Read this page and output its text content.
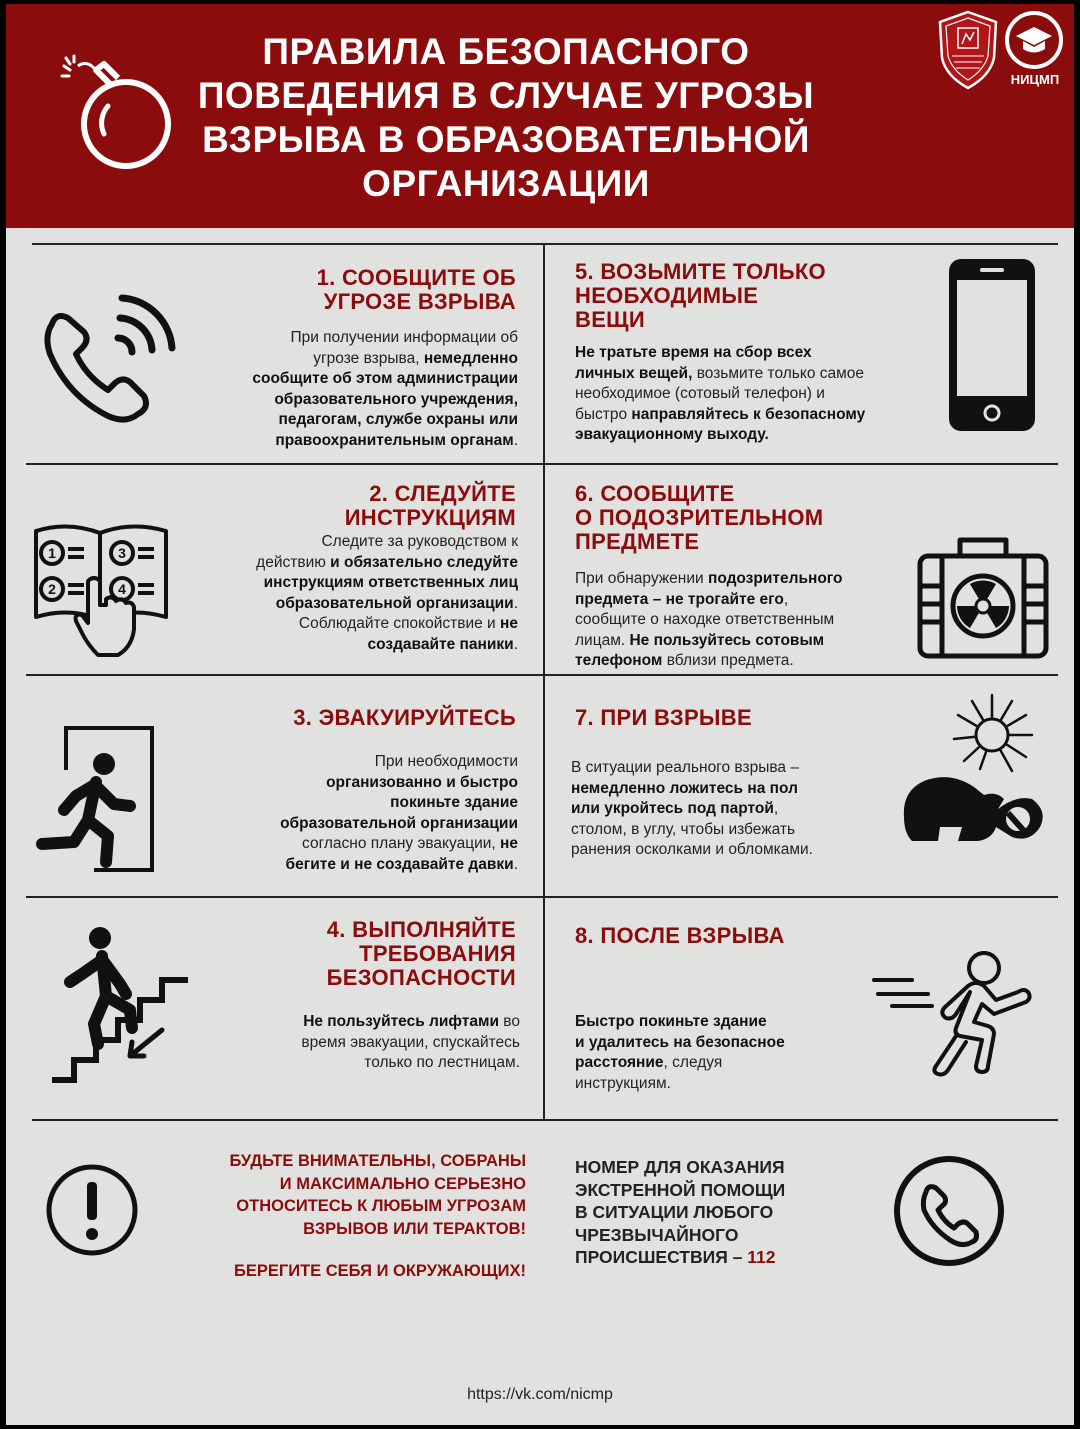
ПРАВИЛА БЕЗОПАСНОГО
ПОВЕДЕНИЯ В СЛУЧАЕ УГРОЗЫ
ВЗРЫВА В ОБРАЗОВАТЕЛЬНОЙ
ОРГАНИЗАЦИИ
НИЦМП
1. СООБЩИТЕ ОБ
УГРОЗЕ ВЗРЫВА
При получении информации об
угрозе взрыва, немедленно
сообщите об этом администрации
образовательного учреждения,
педагогам, службе охраны или
правоохранительным органам.
5. ВОЗЬМИТЕ ТОЛЬКО
НЕОБХОДИМЫЕ
ВЕЩИ
Не тратьте время на сбор всех
личных вещей, возьмите только самое
необходимое (сотовый телефон) и
быстро направляйтесь к безопасному
эвакуационному выходу.
1	3
2	4
2. СЛЕДУЙТЕ
ИНСТРУКЦИЯМ
Следите за руководством к
действию и обязательно следуйте
инструкциям ответственных лиц
образовательной организации.
Соблюдайте спокойствие и не
создавайте паники.
6. СООБЩИТЕ
О ПОДОЗРИТЕЛЬНОМ
ПРЕДМЕТЕ
При обнаружении подозрительного
предмета – не трогайте его,
сообщите о находке ответственным
лицам. Не пользуйтесь сотовым
телефоном вблизи предмета.
3. ЭВАКУИРУЙТЕСЬ
При необходимости
организованно и быстро
покиньте здание
образовательной организации
согласно плану эвакуации, не
бегите и не создавайте давки.
7. ПРИ ВЗРЫВЕ
В ситуации реального взрыва –
немедленно ложитесь на пол
или укройтесь под партой,
столом, в углу, чтобы избежать
ранения осколками и обломками.
4. ВЫПОЛНЯЙТЕ
ТРЕБОВАНИЯ
БЕЗОПАСНОСТИ
Не пользуйтесь лифтами во
время эвакуации, спускайтесь
только по лестницам.
8. ПОСЛЕ ВЗРЫВА
Быстро покиньте здание
и удалитесь на безопасное
расстояние, следуя
инструкциям.
БУДЬТЕ ВНИМАТЕЛЬНЫ, СОБРАНЫ
И МАКСИМАЛЬНО СЕРЬЕЗНО
ОТНОСИТЕСЬ К ЛЮБЫМ УГРОЗАМ
ВЗРЫВОВ ИЛИ ТЕРАКТОВ!
БЕРЕГИТЕ СЕБЯ И ОКРУЖАЮЩИХ!
НОМЕР ДЛЯ ОКАЗАНИЯ
ЭКСТРЕННОЙ ПОМОЩИ
В СИТУАЦИИ ЛЮБОГО
ЧРЕЗВЫЧАЙНОГО
ПРОИСШЕСТВИЯ – 112
https://vk.com/nicmp
